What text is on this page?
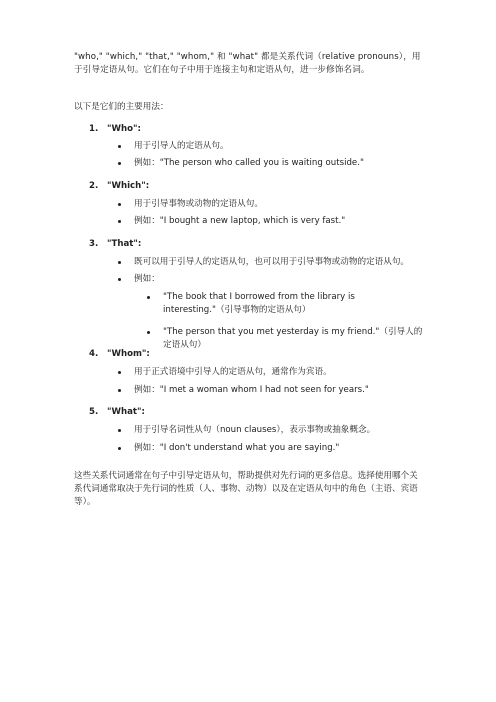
"who," "which," "that," "whom," 和 "what" 都是关系代词（relative pronouns），用于引导定语从句。它们在句子中用于连接主句和定语从句，进一步修饰名词。
以下是它们的主要用法：
1. "Who":
用于引导人的定语从句。
例如："The person who called you is waiting outside."
2. "Which":
用于引导事物或动物的定语从句。
例如："I bought a new laptop, which is very fast."
3. "That":
既可以用于引导人的定语从句，也可以用于引导事物或动物的定语从句。
例如：
"The book that I borrowed from the library is interesting."（引导事物的定语从句）
"The person that you met yesterday is my friend."（引导人的定语从句）
4. "Whom":
用于正式语境中引导人的定语从句，通常作为宾语。
例如："I met a woman whom I had not seen for years."
5. "What":
用于引导名词性从句（noun clauses），表示事物或抽象概念。
例如："I don't understand what you are saying."
这些关系代词通常在句子中引导定语从句，帮助提供对先行词的更多信息。选择使用哪个关系代词通常取决于先行词的性质（人、事物、动物）以及在定语从句中的角色（主语、宾语等）。
